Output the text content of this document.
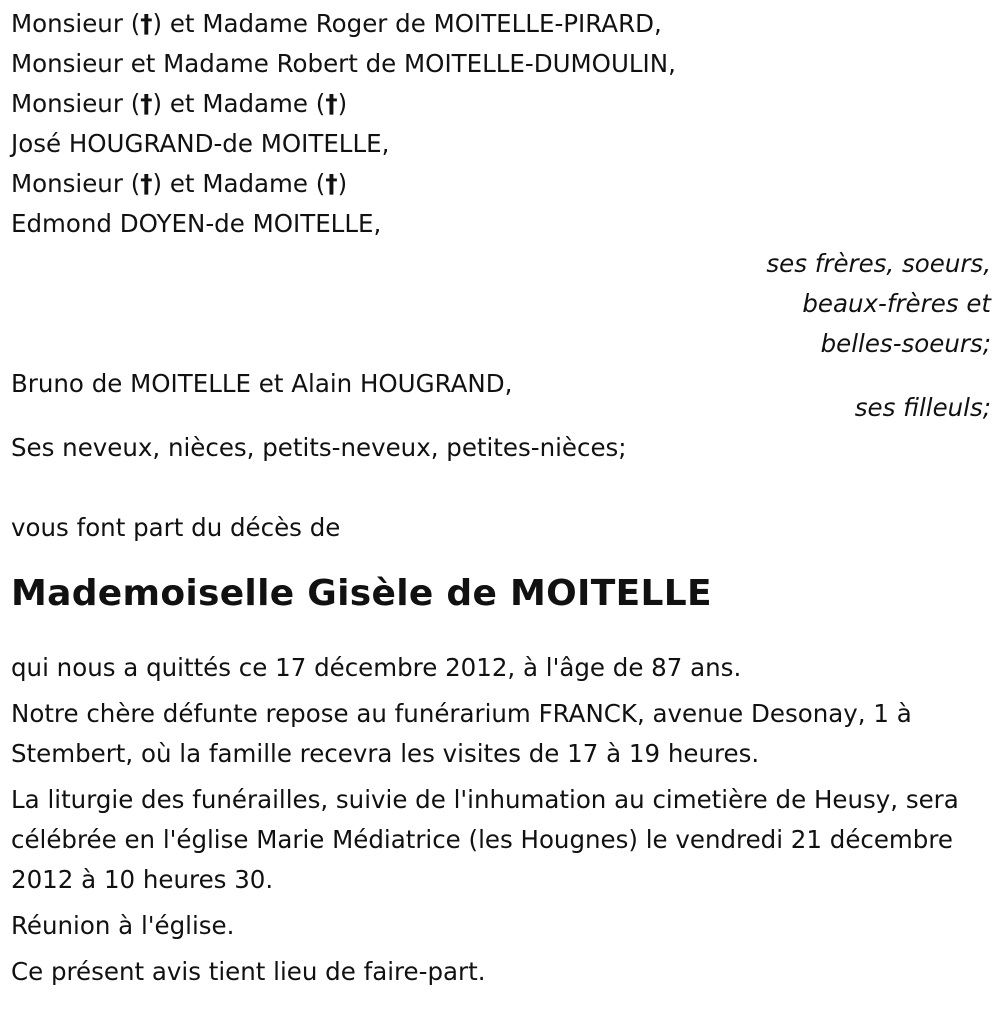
Monsieur (†) et Madame Roger de MOITELLE-PIRARD,
Monsieur et Madame Robert de MOITELLE-DUMOULIN,
Monsieur (†) et Madame (†)
José HOUGRAND-de MOITELLE,
Monsieur (†) et Madame (†)
Edmond DOYEN-de MOITELLE,
ses frères, soeurs,
beaux-frères et
belles-soeurs;
Bruno de MOITELLE et Alain HOUGRAND,
ses filleuls;
Ses neveux, nièces, petits-neveux, petites-nièces;
vous font part du décès de
Mademoiselle Gisèle de MOITELLE
qui nous a quittés ce 17 décembre 2012, à l'âge de 87 ans.

Notre chère défunte repose au funérarium FRANCK, avenue Desonay, 1 à Stembert, où la famille recevra les visites de 17 à 19 heures.

La liturgie des funérailles, suivie de l'inhumation au cimetière de Heusy, sera célébrée en l'église Marie Médiatrice (les Hougnes) le vendredi 21 décembre 2012 à 10 heures 30.

Réunion à l'église.
Ce présent avis tient lieu de faire-part.
